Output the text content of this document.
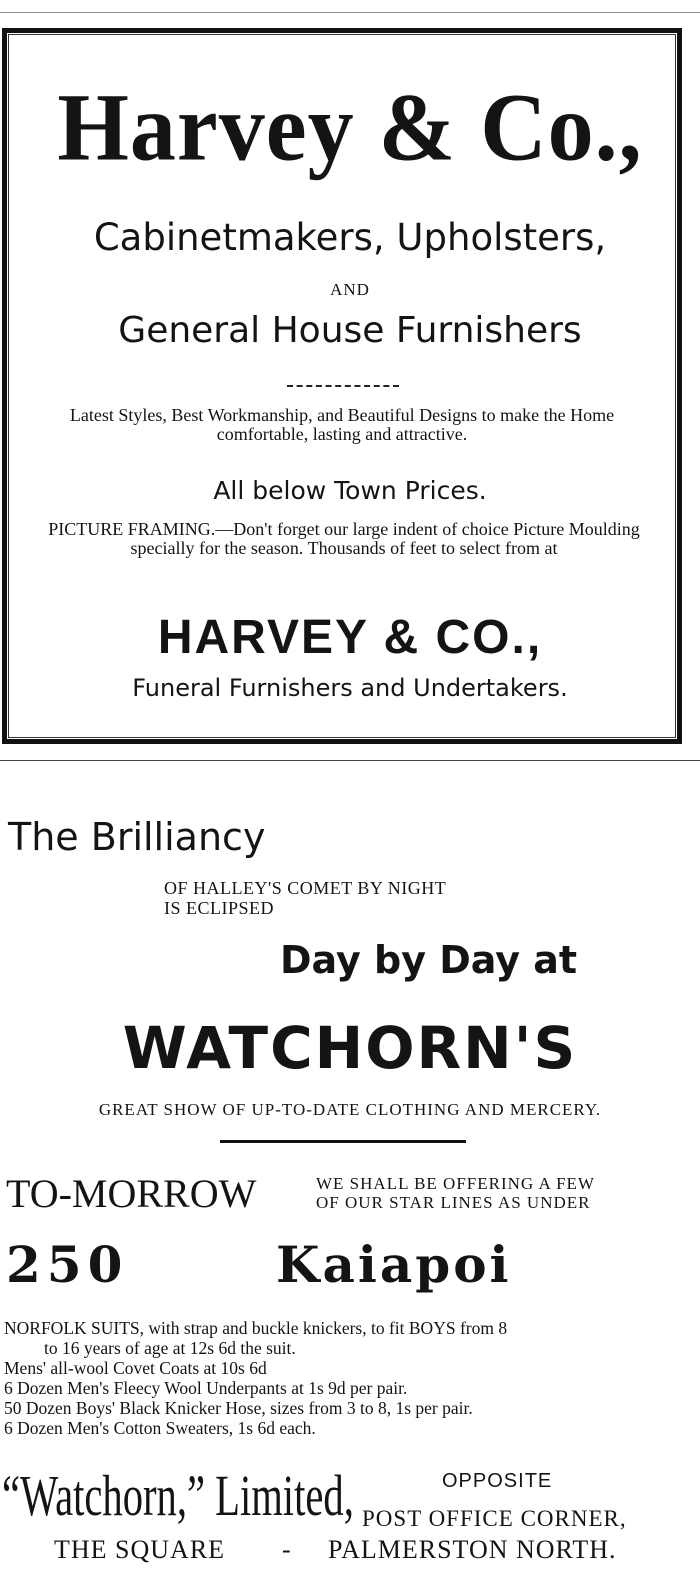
Harvey & Co.,
Cabinetmakers, Upholsters,
AND
General House Furnishers
Latest Styles, Best Workmanship, and Beautiful Designs to make the Home comfortable, lasting and attractive.
All below Town Prices.
PICTURE FRAMING.—Don't forget our large indent of choice Picture Moulding specially for the season. Thousands of feet to select from at
HARVEY & CO.,
Funeral Furnishers and Undertakers.
The Brilliancy
OF HALLEY'S COMET BY NIGHT
IS ECLIPSED
Day by Day at
WATCHORN'S
GREAT SHOW OF UP-TO-DATE CLOTHING AND MERCERY.
TO-MORROW	WE SHALL BE OFFERING A FEW
OF OUR STAR LINES AS UNDER
250	Kaiapoi
NORFOLK SUITS, with strap and buckle knickers, to fit BOYS from 8
to 16 years of age at 12s 6d the suit.
Mens' all-wool Covet Coats at 10s 6d
6 Dozen Men's Fleecy Wool Underpants at 1s 9d per pair.
50 Dozen Boys' Black Knicker Hose, sizes from 3 to 8, 1s per pair.
6 Dozen Men's Cotton Sweaters, 1s 6d each.
“Watchorn,” Limited,	OPPOSITE
POST OFFICE CORNER,
THE SQUARE - PALMERSTON NORTH.
